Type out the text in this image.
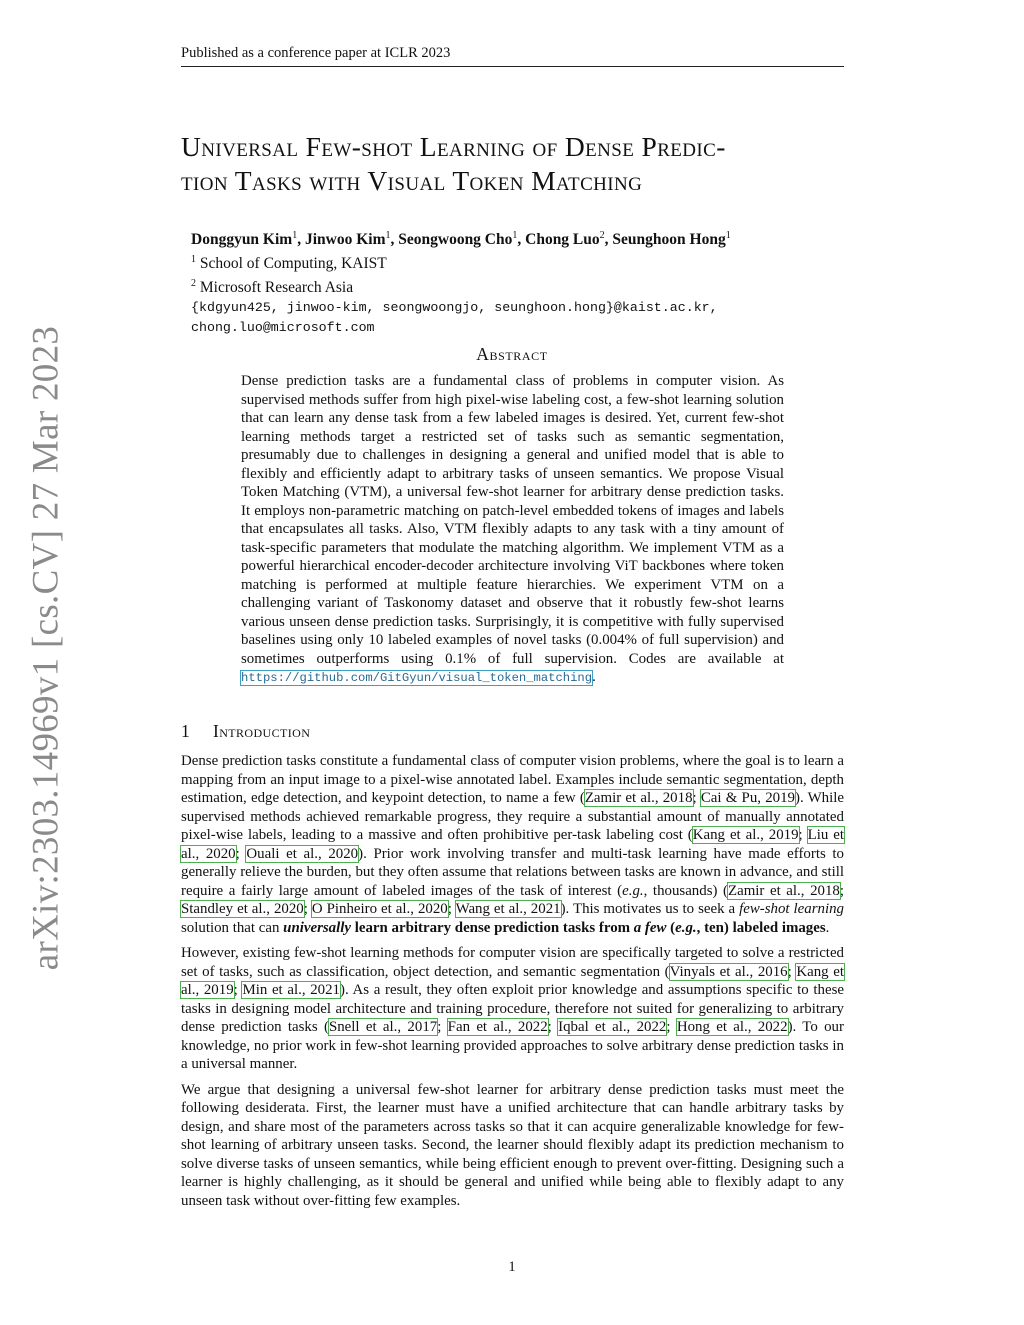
Published as a conference paper at ICLR 2023
arXiv:2303.14969v1 [cs.CV] 27 Mar 2023
Universal Few-shot Learning of Dense Predic-
tion Tasks with Visual Token Matching
Donggyun Kim$^1$, Jinwoo Kim$^1$, Seongwoong Cho$^1$, Chong Luo$^2$, Seunghoon Hong$^1$
$^1$ School of Computing, KAIST
$^2$ Microsoft Research Asia
{kdgyun425, jinwoo-kim, seongwoongjo, seunghoon.hong}@kaist.ac.kr,
chong.luo@microsoft.com
Abstract
Dense prediction tasks are a fundamental class of problems in computer vision. As supervised methods suffer from high pixel-wise labeling cost, a few-shot learning solution that can learn any dense task from a few labeled images is desired. Yet, current few-shot learning methods target a restricted set of tasks such as semantic segmentation, presumably due to challenges in designing a general and unified model that is able to flexibly and efficiently adapt to arbitrary tasks of unseen semantics. We propose Visual Token Matching (VTM), a universal few-shot learner for arbitrary dense prediction tasks. It employs non-parametric matching on patch-level embedded tokens of images and labels that encapsulates all tasks. Also, VTM flexibly adapts to any task with a tiny amount of task-specific parameters that modulate the matching algorithm. We implement VTM as a powerful hierarchical encoder-decoder architecture involving ViT backbones where token matching is performed at multiple feature hierarchies. We experiment VTM on a challenging variant of Taskonomy dataset and observe that it robustly few-shot learns various unseen dense prediction tasks. Surprisingly, it is competitive with fully supervised baselines using only 10 labeled examples of novel tasks (0.004% of full supervision) and sometimes outperforms using 0.1% of full supervision. Codes are available at https://github.com/GitGyun/visual_token_matching.
1 Introduction

Dense prediction tasks constitute a fundamental class of computer vision problems, where the goal is to learn a mapping from an input image to a pixel-wise annotated label. Examples include semantic segmentation, depth estimation, edge detection, and keypoint detection, to name a few (Zamir et al., 2018; Cai & Pu, 2019). While supervised methods achieved remarkable progress, they require a substantial amount of manually annotated pixel-wise labels, leading to a massive and often prohibitive per-task labeling cost (Kang et al., 2019; Liu et al., 2020; Ouali et al., 2020). Prior work involving transfer and multi-task learning have made efforts to generally relieve the burden, but they often assume that relations between tasks are known in advance, and still require a fairly large amount of labeled images of the task of interest (e.g., thousands) (Zamir et al., 2018; Standley et al., 2020; O Pinheiro et al., 2020; Wang et al., 2021). This motivates us to seek a few-shot learning solution that can universally learn arbitrary dense prediction tasks from a few (e.g., ten) labeled images.

However, existing few-shot learning methods for computer vision are specifically targeted to solve a restricted set of tasks, such as classification, object detection, and semantic segmentation (Vinyals et al., 2016; Kang et al., 2019; Min et al., 2021). As a result, they often exploit prior knowledge and assumptions specific to these tasks in designing model architecture and training procedure, therefore not suited for generalizing to arbitrary dense prediction tasks (Snell et al., 2017; Fan et al., 2022; Iqbal et al., 2022; Hong et al., 2022). To our knowledge, no prior work in few-shot learning provided approaches to solve arbitrary dense prediction tasks in a universal manner.

We argue that designing a universal few-shot learner for arbitrary dense prediction tasks must meet the following desiderata. First, the learner must have a unified architecture that can handle arbitrary tasks by design, and share most of the parameters across tasks so that it can acquire generalizable knowledge for few-shot learning of arbitrary unseen tasks. Second, the learner should flexibly adapt its prediction mechanism to solve diverse tasks of unseen semantics, while being efficient enough to prevent over-fitting. Designing such a learner is highly challenging, as it should be general and unified while being able to flexibly adapt to any unseen task without over-fitting few examples.

1
